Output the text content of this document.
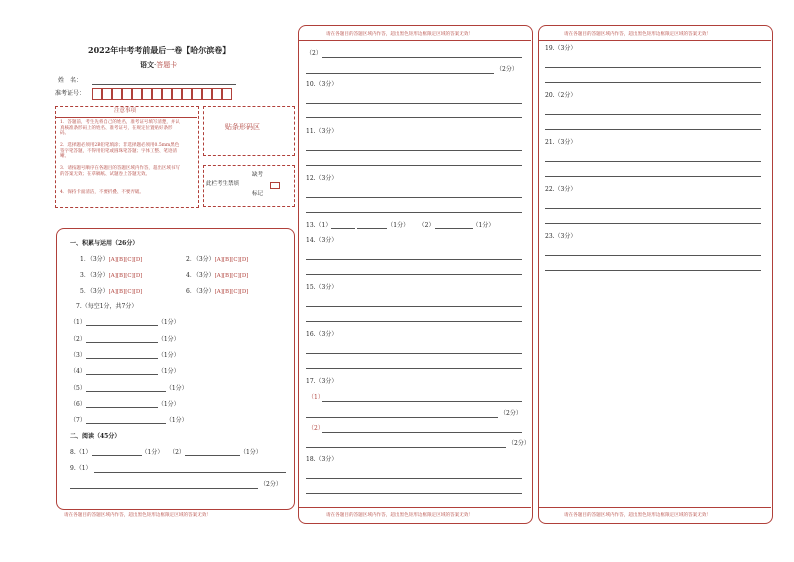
2022年中考考前最后一卷【哈尔滨卷】
语文·答题卡
姓　名：
准考证号：
注意事项
1．答题前，考生先将自己的姓名，准考证号填写清楚，并认真核准条形码上的姓名、准考证号，在规定位置贴好条形码。
2．选择题必须用2B铅笔填涂；非选择题必须用0.5mm黑色签字笔答题，不得用铅笔或圆珠笔答题；字体工整、笔迹清晰。
3．请按题号顺序在各题目的答题区域内作答，超出区域书写的答案无效；在草稿纸、试题卷上答题无效。
4．保持卡面清洁，不要折叠、不要弄破。
贴条形码区
缺考
此栏考生禁填
标记
一、积累与运用（26分）
1．（3分）[A][B][C][D]	2．（3分）[A][B][C][D]
3．（3分）[A][B][C][D]	4．（3分）[A][B][C][D]
5．（3分）[A][B][C][D]	6．（3分）[A][B][C][D]
7.（每空1分，共7分）
（1）	（1分）
（2）	（1分）
（3）	（1分）
（4）	（1分）
（5）	（1分）
（6）	（1分）
（7）	（1分）
二、阅读（45分）
8.（1）	（1分） （2）	（1分）
9.（1）
（2分）
请在各题目的答题区域内作答，超出黑色矩形边框限定区域的答案无效！
（2）
（2分）
10.（3分）
11.（3分）
12.（3分）
13.（1）	（1分） （2）	（1分）
14.（3分）
15.（3分）
16.（3分）
17.（3分）
（1）
（2分）
（2）
（2分）
18.（3分）
请在各题目的答题区域内作答，超出黑色矩形边框限定区域的答案无效！
请在各题目的答题区域内作答，超出黑色矩形边框限定区域的答案无效！
19.（3分）
20.（2分）
21.（3分）
22.（3分）
23.（3分）
请在各题目的答题区域内作答，超出黑色矩形边框限定区域的答案无效！
请在各题目的答题区域内作答，超出黑色矩形边框限定区域的答案无效！
